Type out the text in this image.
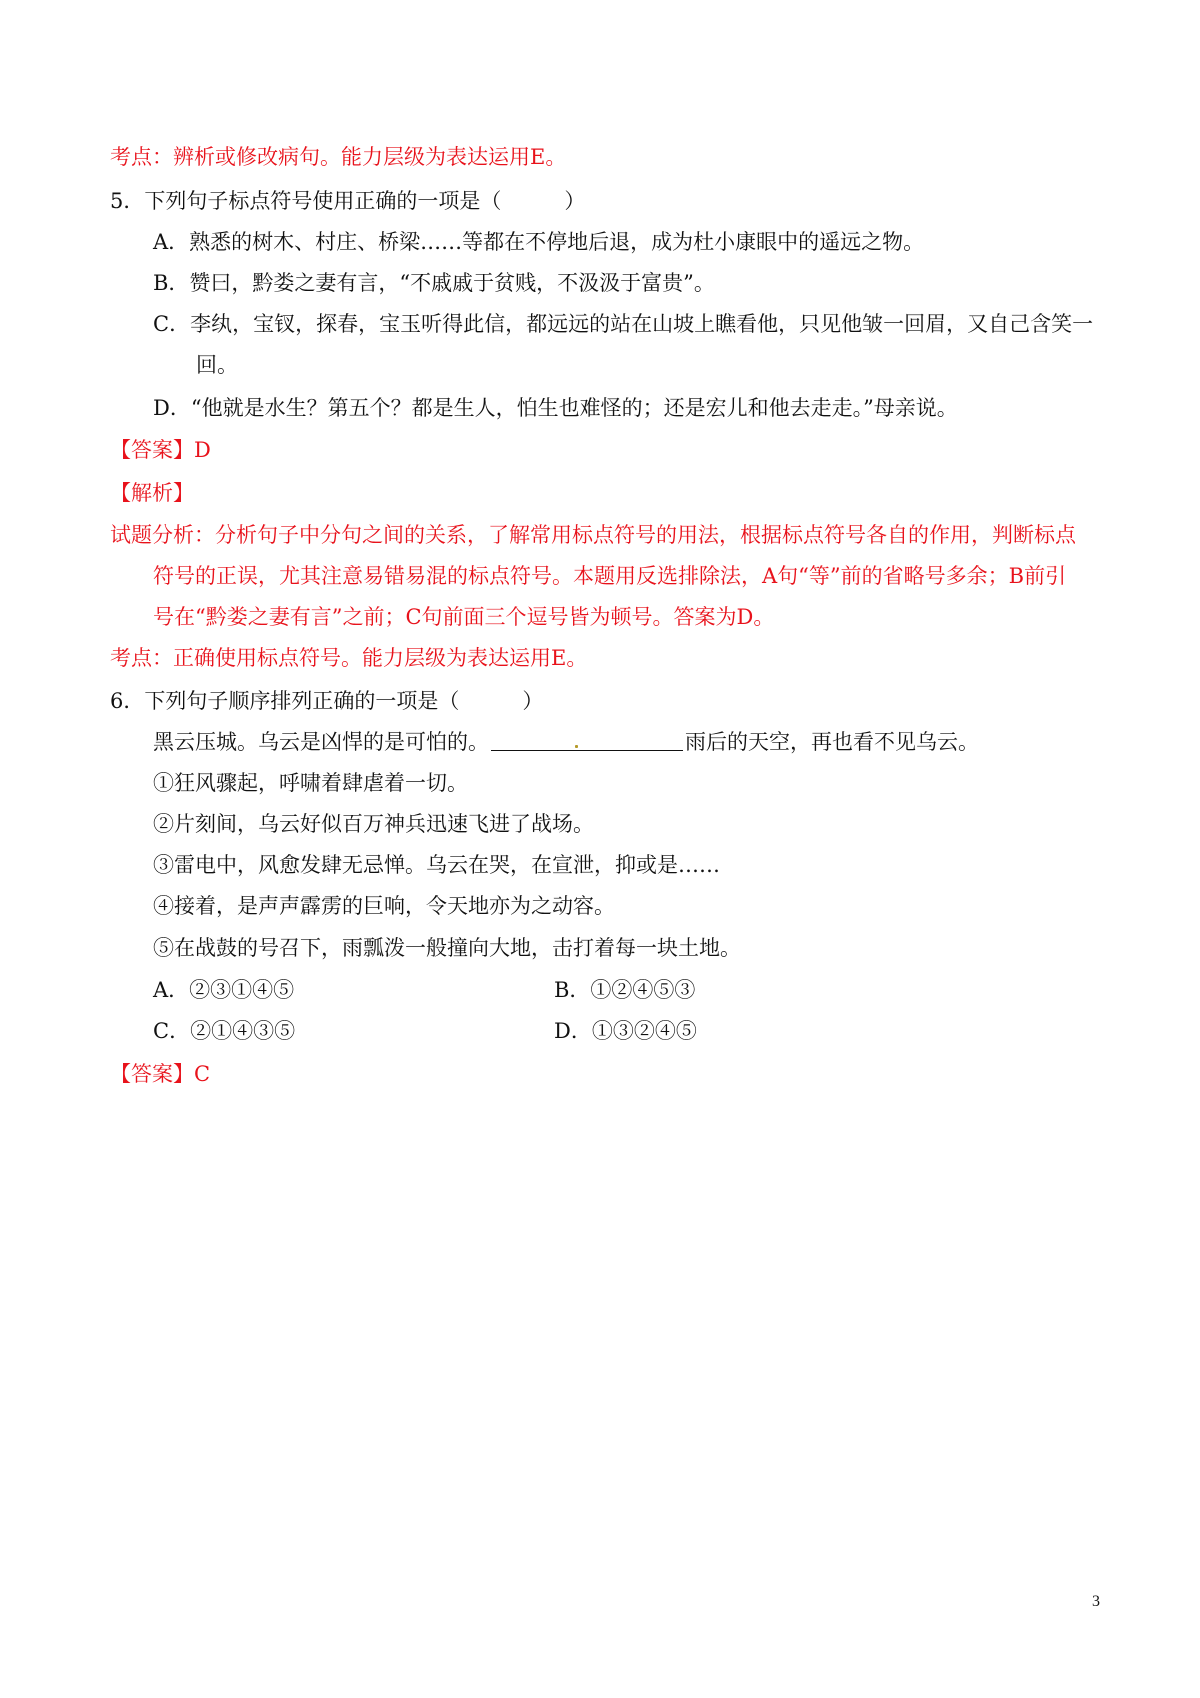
考点：辨析或修改病句。能力层级为表达运用E。
5．下列句子标点符号使用正确的一项是（　　　）
A．熟悉的树木、村庄、桥梁……等都在不停地后退，成为杜小康眼中的遥远之物。
B．赞曰，黔娄之妻有言，“不戚戚于贫贱，不汲汲于富贵”。
C．李纨，宝钗，探春，宝玉听得此信，都远远的站在山坡上瞧看他，只见他皱一回眉，又自己含笑一
回。
D．“他就是水生？第五个？都是生人，怕生也难怪的；还是宏儿和他去走走。”母亲说。
【答案】D
【解析】
试题分析：分析句子中分句之间的关系，了解常用标点符号的用法，根据标点符号各自的作用，判断标点
符号的正误，尤其注意易错易混的标点符号。本题用反选排除法，A句“等”前的省略号多余；B前引
号在“黔娄之妻有言”之前；C句前面三个逗号皆为顿号。答案为D。
考点：正确使用标点符号。能力层级为表达运用E。
6．下列句子顺序排列正确的一项是（　　　）
黑云压城。乌云是凶悍的是可怕的。	雨后的天空，再也看不见乌云。
①狂风骤起，呼啸着肆虐着一切。
②片刻间，乌云好似百万神兵迅速飞进了战场。
③雷电中，风愈发肆无忌惮。乌云在哭，在宣泄，抑或是……
④接着，是声声霹雳的巨响，令天地亦为之动容。
⑤在战鼓的号召下，雨瓢泼一般撞向大地，击打着每一块土地。
A．②③①④⑤	B．①②④⑤③
C．②①④③⑤	D．①③②④⑤
【答案】C
3
